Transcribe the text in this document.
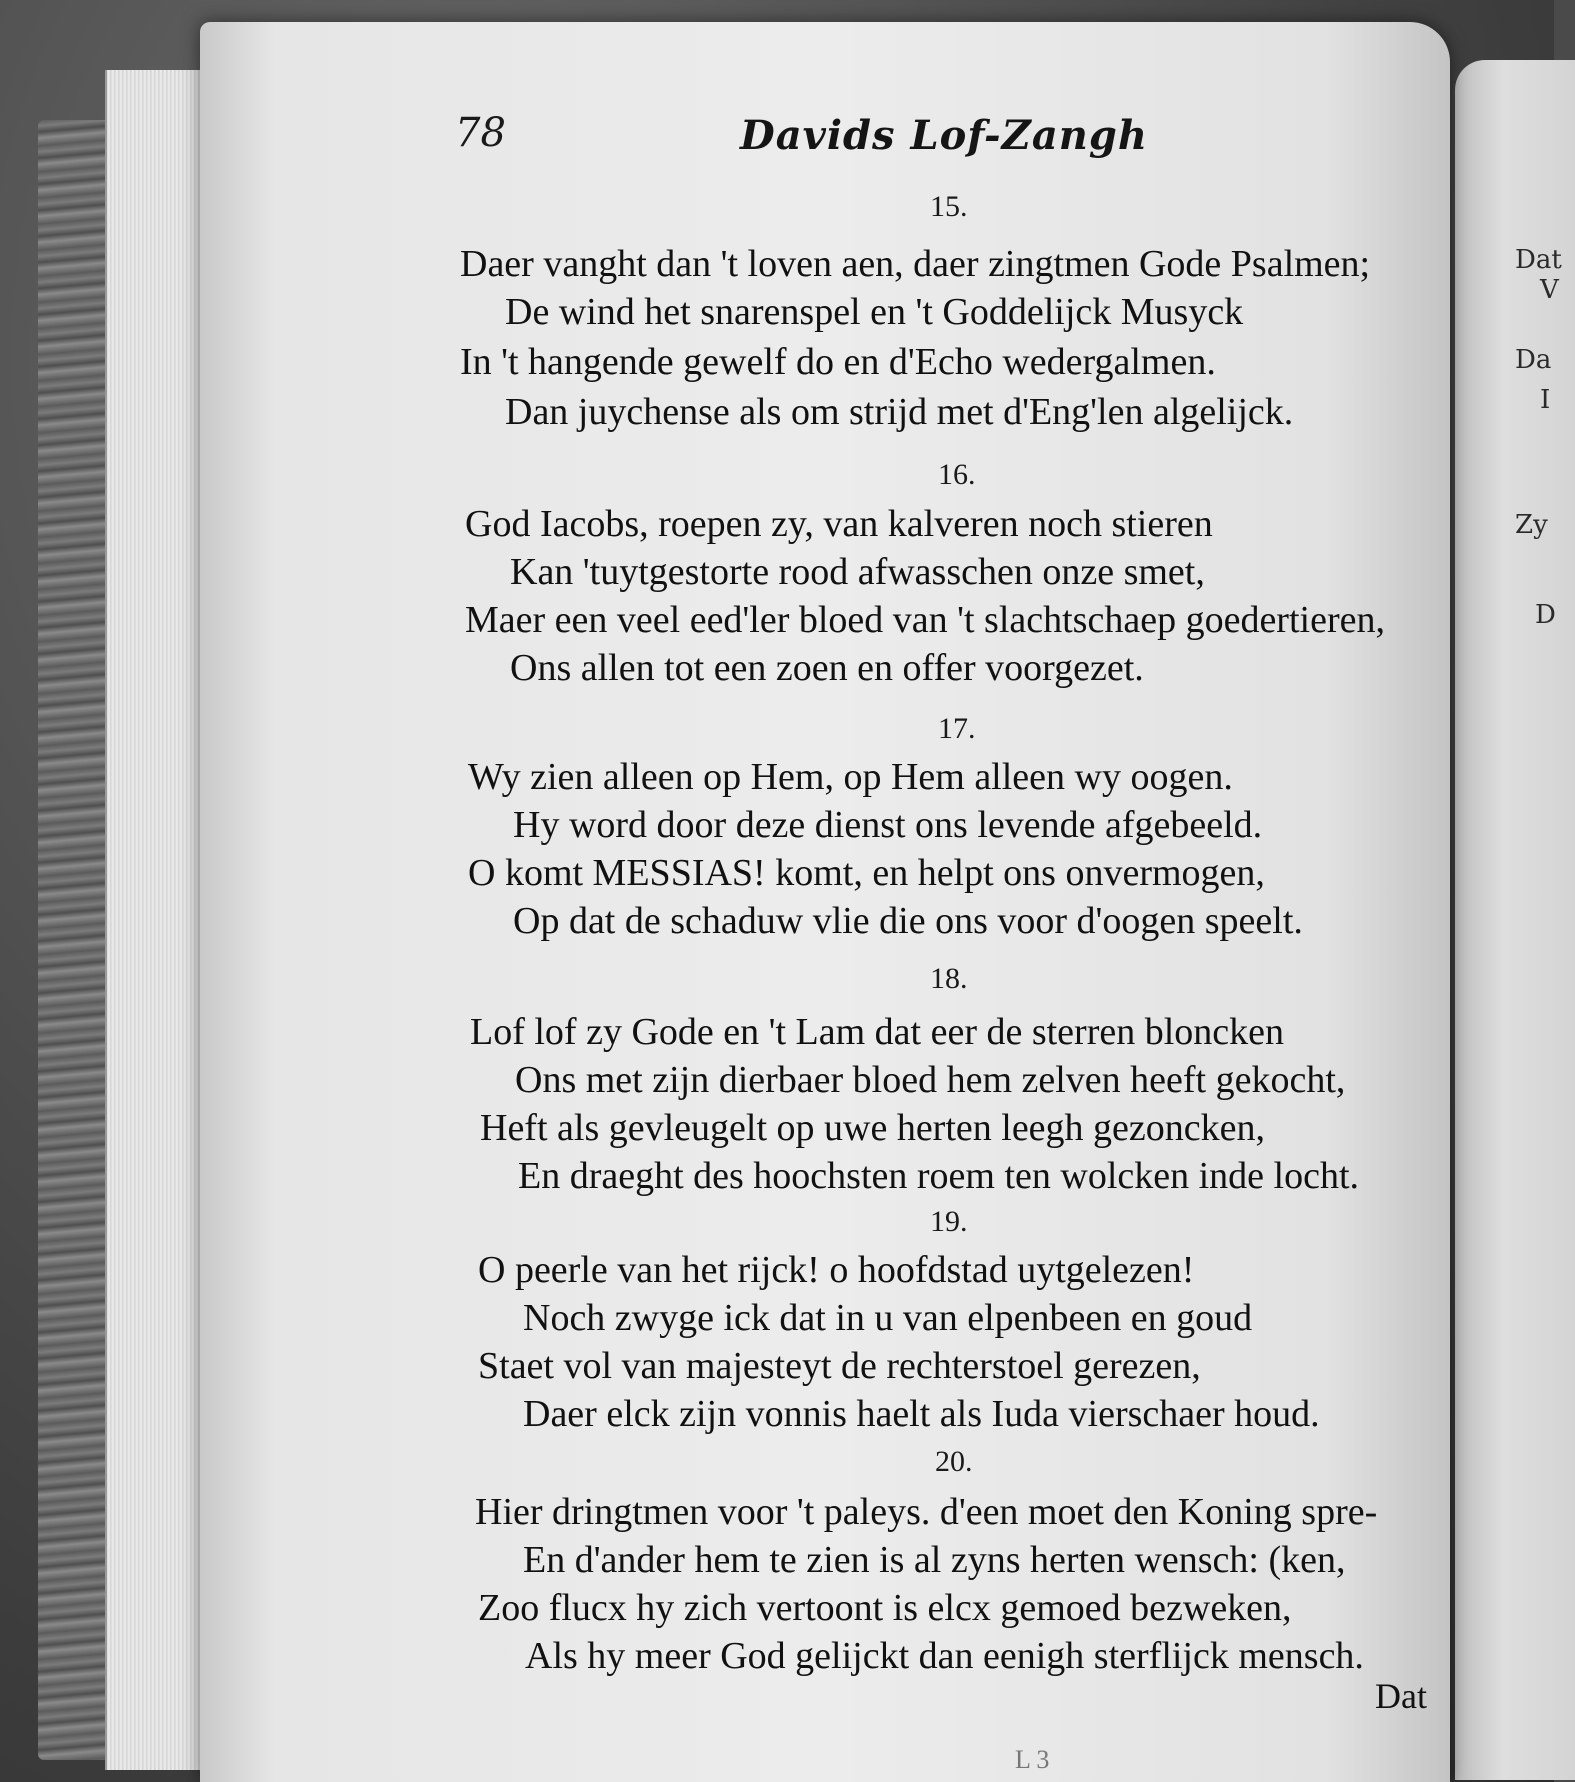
Dat
V
Da
I
Zy
D
78	Davids Lof-Zangh
15.
Daer vanght dan 't loven aen, daer zingtmen Gode Psalmen;
De wind het snarenspel en 't Goddelijck Musyck
In 't hangende gewelf do en d'Echo wedergalmen.
Dan juychense als om strijd met d'Eng'len algelijck.
16.
God Iacobs, roepen zy, van kalveren noch stieren
Kan 'tuytgestorte rood afwasschen onze smet,
Maer een veel eed'ler bloed van 't slachtschaep goedertieren,
Ons allen tot een zoen en offer voorgezet.
17.
Wy zien alleen op Hem, op Hem alleen wy oogen.
Hy word door deze dienst ons levende afgebeeld.
O komt MESSIAS! komt, en helpt ons onvermogen,
Op dat de schaduw vlie die ons voor d'oogen speelt.
18.
Lof lof zy Gode en 't Lam dat eer de sterren bloncken
Ons met zijn dierbaer bloed hem zelven heeft gekocht,
Heft als gevleugelt op uwe herten leegh gezoncken,
En draeght des hoochsten roem ten wolcken inde locht.
19.
O peerle van het rijck! o hoofdstad uytgelezen!
Noch zwyge ick dat in u van elpenbeen en goud
Staet vol van majesteyt de rechterstoel gerezen,
Daer elck zijn vonnis haelt als Iuda vierschaer houd.
20.
Hier dringtmen voor 't paleys. d'een moet den Koning spre-
En d'ander hem te zien is al zyns herten wensch: (ken,
Zoo flucx hy zich vertoont is elcx gemoed bezweken,
Als hy meer God gelijckt dan eenigh sterflijck mensch.
Dat
L 3
